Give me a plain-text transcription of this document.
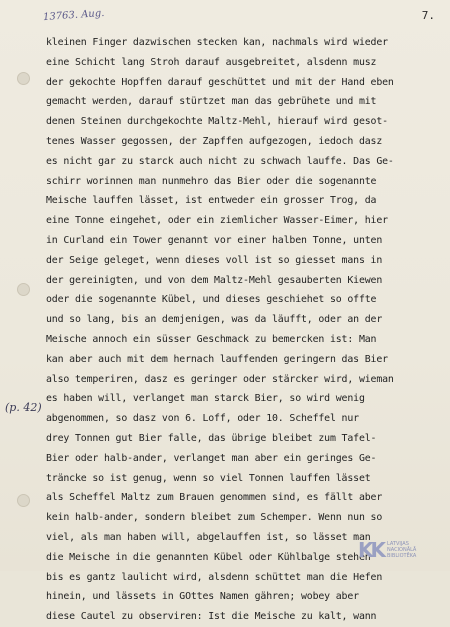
13763. Aug.	7.
(p. 42)
kleinen Finger dazwischen stecken kan, nachmals wird wieder
eine Schicht lang Stroh darauf ausgebreitet, alsdenn musz
der gekochte Hopffen darauf geschüttet und mit der Hand eben
gemacht werden, darauf stürtzet man das gebrühete und mit
denen Steinen durchgekochte Maltz-Mehl, hierauf wird gesot-
tenes Wasser gegossen, der Zapffen aufgezogen, iedoch dasz
es nicht gar zu starck auch nicht zu schwach lauffe. Das Ge-
schirr worinnen man nunmehro das Bier oder die sogenannte
Meische lauffen lässet, ist entweder ein grosser Trog, da
eine Tonne eingehet, oder ein ziemlicher Wasser-Eimer, hier
in Curland ein Tower genannt vor einer halben Tonne, unten
der Seige geleget, wenn dieses voll ist so giesset mans in
der gereinigten, und von dem Maltz-Mehl gesauberten Kiewen
oder die sogenannte Kübel, und dieses geschiehet so offte
und so lang, bis an demjenigen, was da läufft, oder an der
Meische annoch ein süsser Geschmack zu bemercken ist: Man
kan aber auch mit dem hernach lauffenden geringern das Bier
also temperiren, dasz es geringer oder stärcker wird, wieman
es haben will, verlanget man starck Bier, so wird wenig
abgenommen, so dasz von 6. Loff, oder 10. Scheffel nur
drey Tonnen gut Bier falle, das übrige bleibet zum Tafel-
Bier oder halb-ander, verlanget man aber ein geringes Ge-
träncke so ist genug, wenn so viel Tonnen lauffen lässet
als Scheffel Maltz zum Brauen genommen sind, es fällt aber
kein halb-ander, sondern bleibet zum Schemper. Wenn nun so
viel, als man haben will, abgelauffen ist, so lässet man
die Meische in die genannten Kübel oder Kühlbalge stehen
bis es gantz laulicht wird, alsdenn schüttet man die Hefen
hinein, und lässets in GOttes Namen gähren; wobey aber
diese Cautel zu observiren: Ist die Meische zu kalt, wann
KK LATVIJAS
NACIONĀLĀ
BIBLIOTĒKA
